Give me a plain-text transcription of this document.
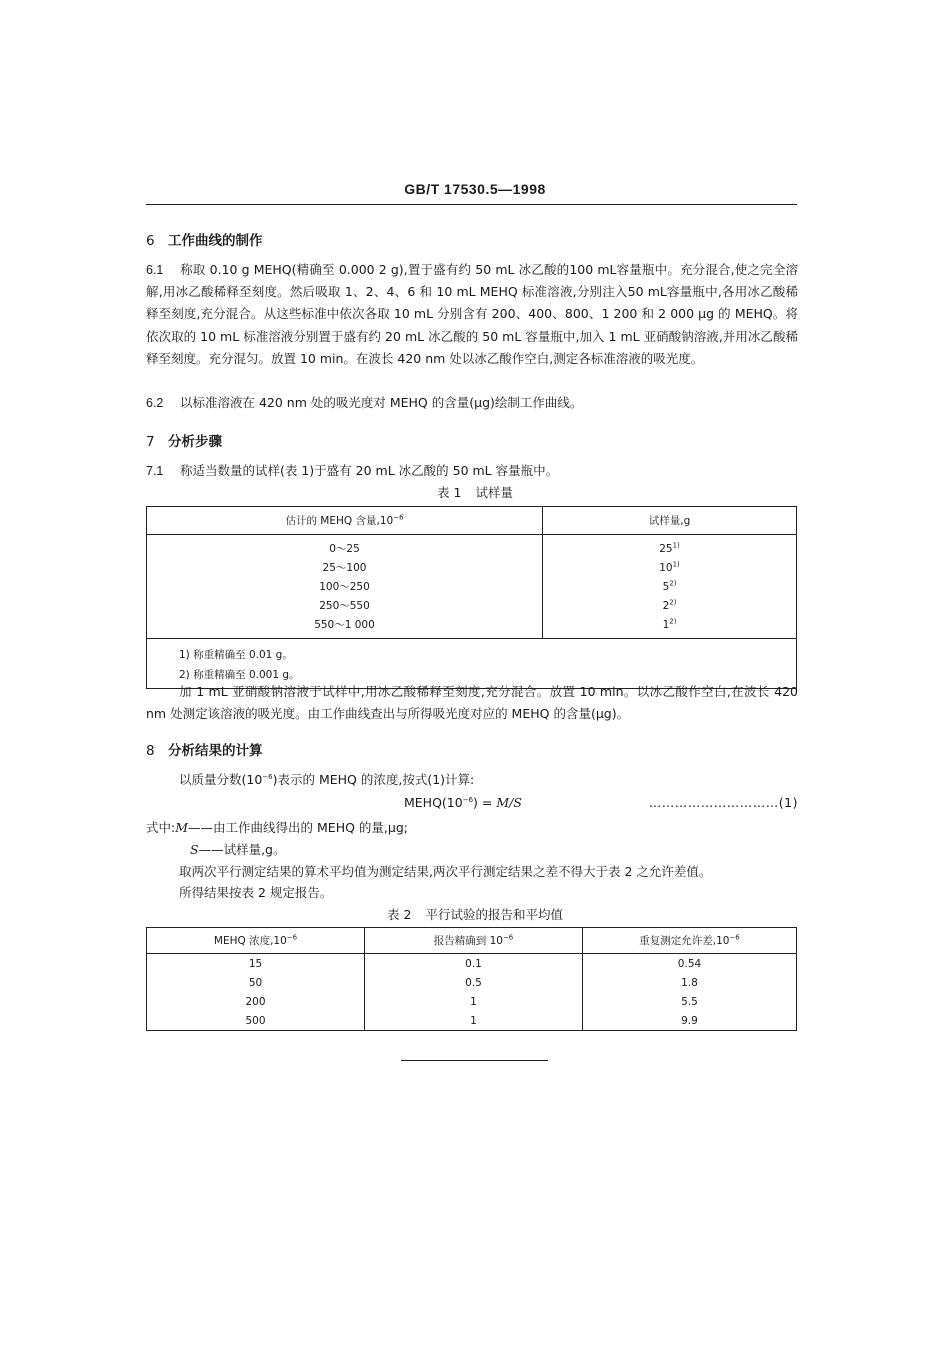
GB/T 17530.5—1998
6 工作曲线的制作
6.1 称取 0.10 g MEHQ(精确至 0.000 2 g),置于盛有约 50 mL 冰乙酸的100 mL容量瓶中。充分混合,使之完全溶解,用冰乙酸稀释至刻度。然后吸取 1、2、4、6 和 10 mL MEHQ 标准溶液,分别注入50 mL容量瓶中,各用冰乙酸稀释至刻度,充分混合。从这些标准中依次各取 10 mL 分别含有 200、400、800、1 200 和 2 000 μg 的 MEHQ。将依次取的 10 mL 标准溶液分别置于盛有约 20 mL 冰乙酸的 50 mL 容量瓶中,加入 1 mL 亚硝酸钠溶液,并用冰乙酸稀释至刻度。充分混匀。放置 10 min。在波长 420 nm 处以冰乙酸作空白,测定各标准溶液的吸光度。
6.2 以标准溶液在 420 nm 处的吸光度对 MEHQ 的含量(μg)绘制工作曲线。
7 分析步骤
7.1 称适当数量的试样(表 1)于盛有 20 mL 冰乙酸的 50 mL 容量瓶中。
表 1 试样量
估计的 MEHQ 含量$,10^{-6}$	试样量,g
0～25	25$^{1)}$
25～100	10$^{1)}$
100～250	5$^{2)}$
250～550	2$^{2)}$
550～1 000	1$^{2)}$
1) 称重精确至 0.01 g。	
2) 称重精确至 0.001 g。	
加 1 mL 亚硝酸钠溶液于试样中,用冰乙酸稀释至刻度,充分混合。放置 10 min。以冰乙酸作空白,在波长 420 nm 处测定该溶液的吸光度。由工作曲线查出与所得吸光度对应的 MEHQ 的含量(μg)。
8 分析结果的计算
以质量分数$(10^{-6})$表示的 MEHQ 的浓度,按式(1)计算:
$MEHQ(10^{-6}) = M/S$	…………………………(1)
式中:M——由工作曲线得出的 MEHQ 的量,μg;
S——试样量,g。
取两次平行测定结果的算术平均值为测定结果,两次平行测定结果之差不得大于表 2 之允许差值。
所得结果按表 2 规定报告。
表 2 平行试验的报告和平均值
MEHQ 浓度$,10^{-6}$	报告精确到 $10^{-6}$	重复测定允许差$,10^{-6}$
15	0.1	0.54
50	0.5	1.8
200	1	5.5
500	1	9.9
